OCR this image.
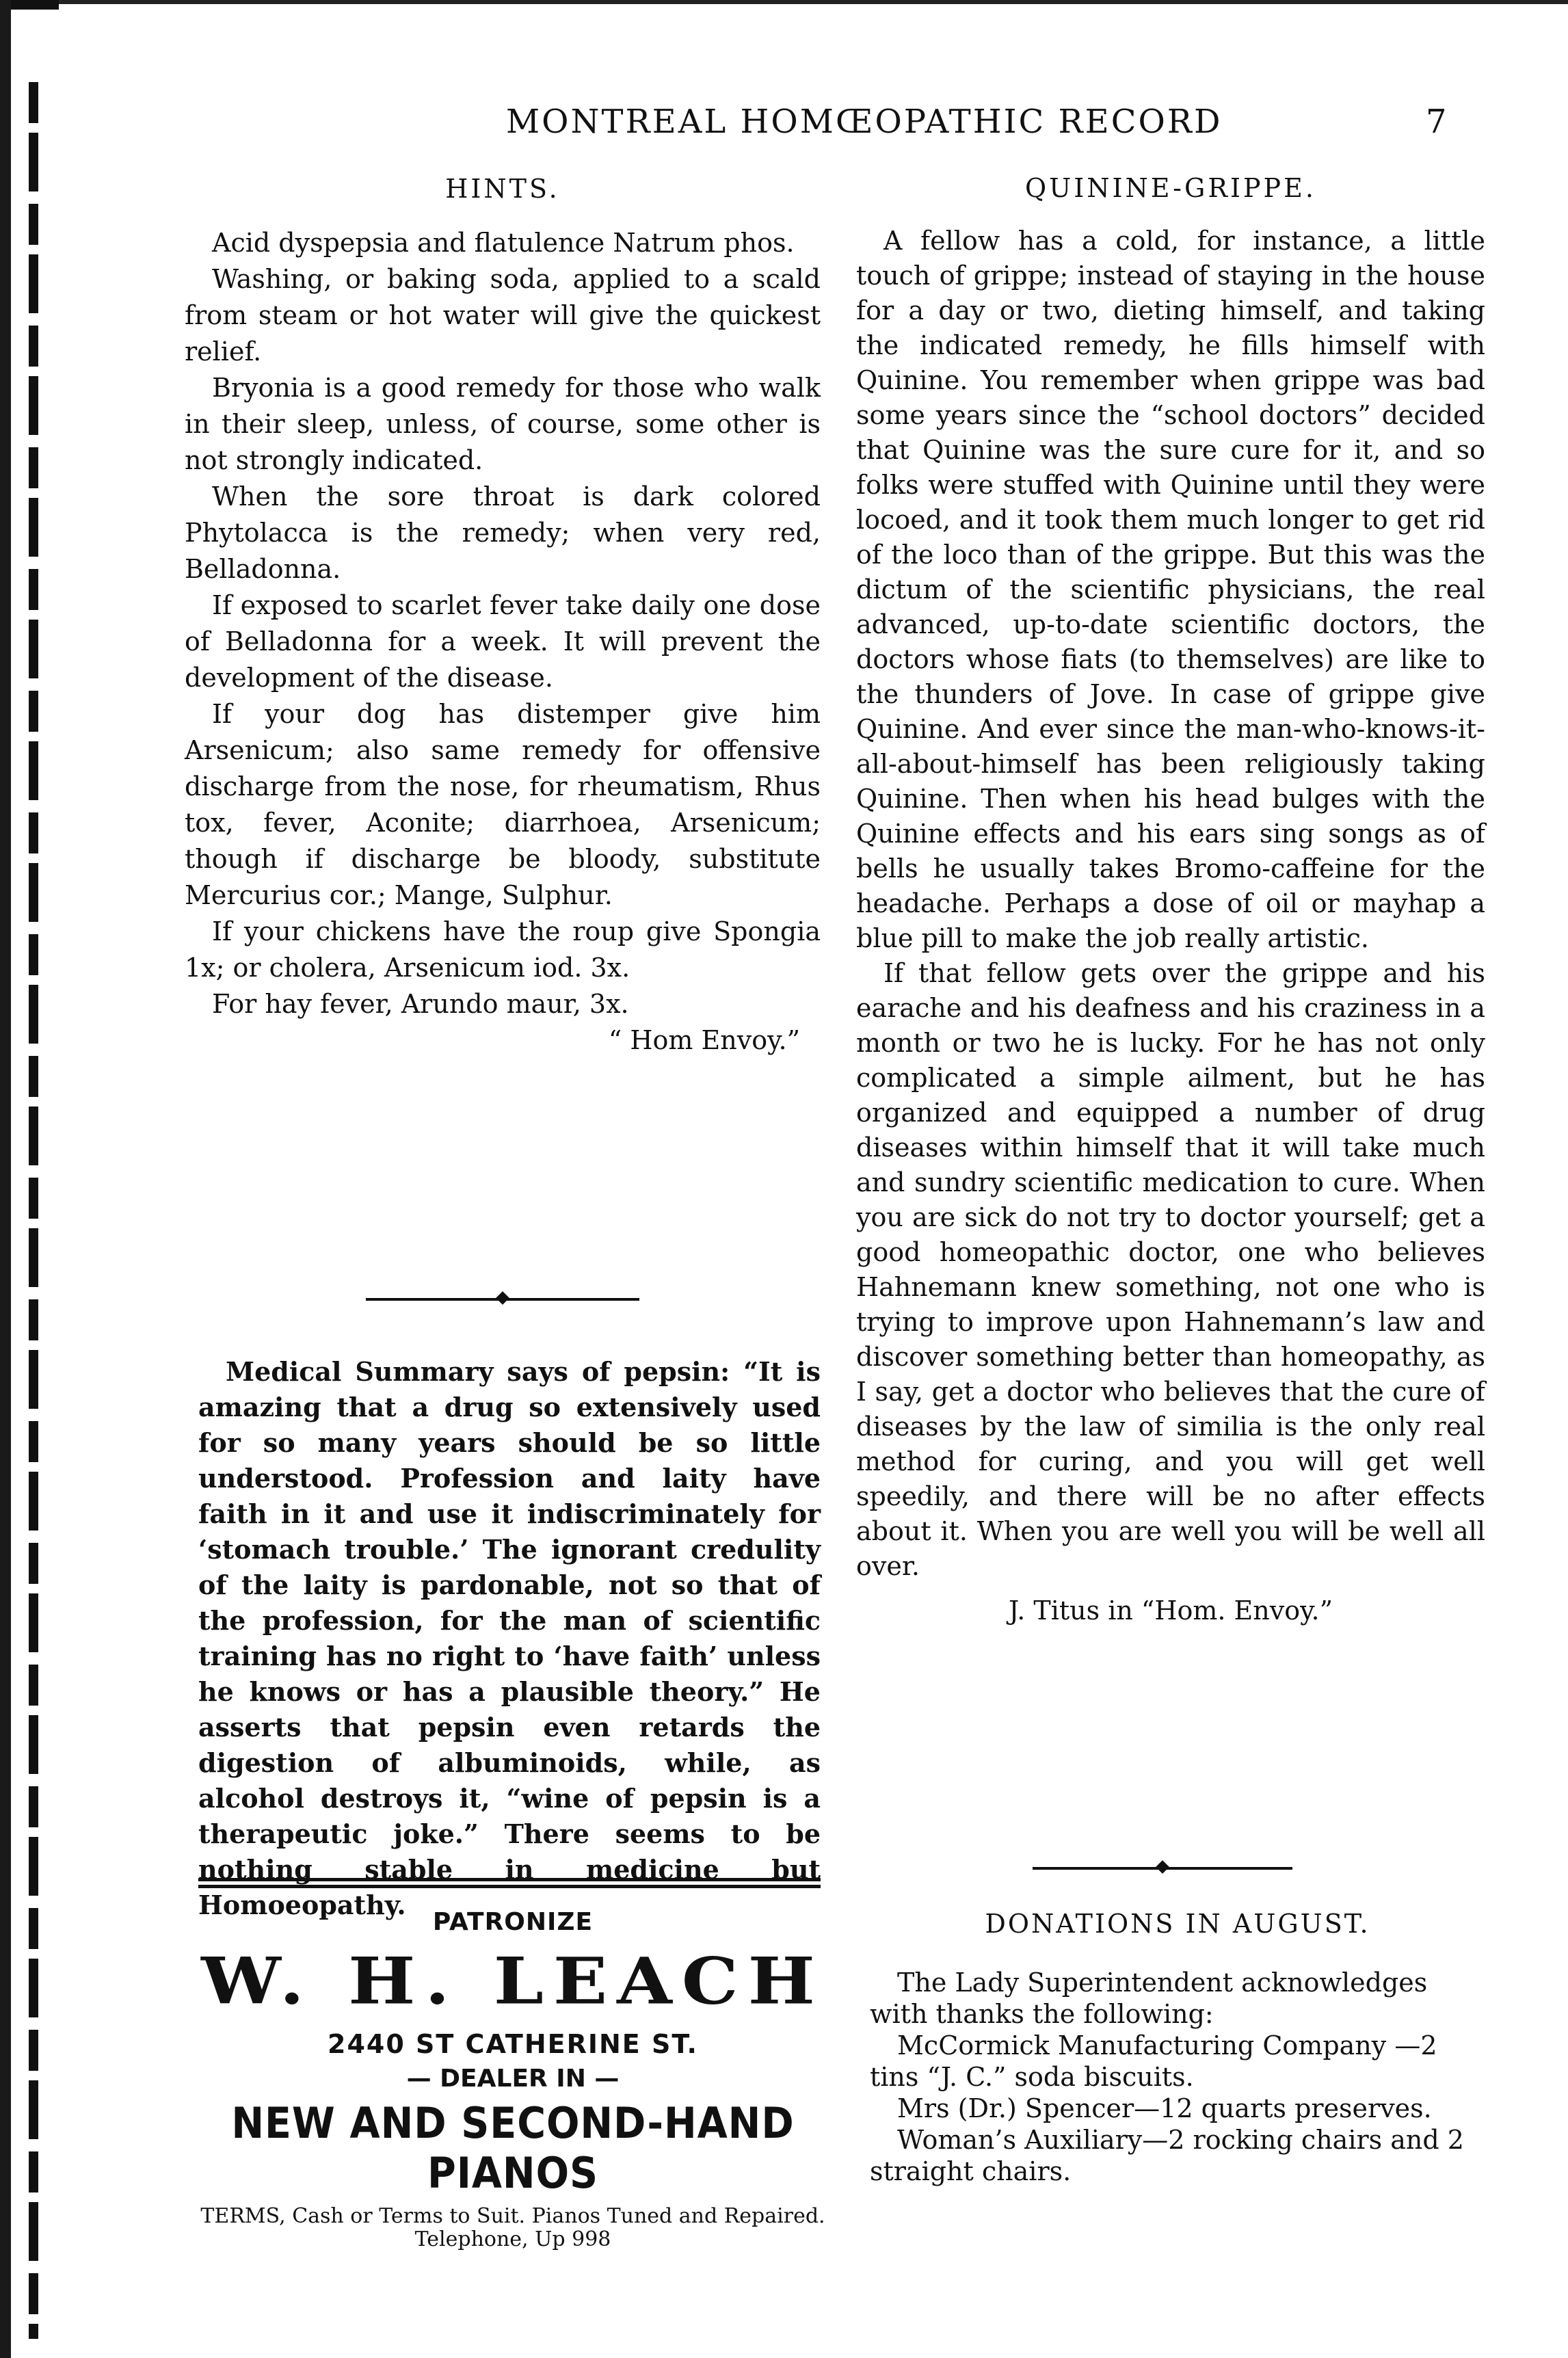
MONTREAL HOMŒOPATHIC RECORD	7

HINTS.

Acid dyspepsia and flatulence Natrum phos.

Washing, or baking soda, applied to a scald from steam or hot water will give the quickest relief.

Bryonia is a good remedy for those who walk in their sleep, unless, of course, some other is not strongly indicated.

When the sore throat is dark colored Phytolacca is the remedy; when very red, Belladonna.

If exposed to scarlet fever take daily one dose of Belladonna for a week. It will prevent the development of the disease.

If your dog has distemper give him Arsenicum; also same remedy for offensive discharge from the nose, for rheumatism, Rhus tox, fever, Aconite; diarrhoea, Arsenicum; though if discharge be bloody, substitute Mercurius cor.; Mange, Sulphur.

If your chickens have the roup give Spongia 1x; or cholera, Arsenicum iod. 3x.

For hay fever, Arundo maur, 3x.

“ Hom Envoy.”

Medical Summary says of pepsin: “It is amazing that a drug so extensively used for so many years should be so little understood. Profession and laity have faith in it and use it indiscriminately for ‘stomach trouble.’ The ignorant credulity of the laity is pardonable, not so that of the profession, for the man of scientific training has no right to ‘have faith’ unless he knows or has a plausible theory.” He asserts that pepsin even retards the digestion of albuminoids, while, as alcohol destroys it, “wine of pepsin is a therapeutic joke.” There seems to be nothing stable in medicine but Homoeopathy.

QUININE-GRIPPE.

A fellow has a cold, for instance, a little touch of grippe; instead of staying in the house for a day or two, dieting himself, and taking the indicated remedy, he fills himself with Quinine. You remember when grippe was bad some years since the “school doctors” decided that Quinine was the sure cure for it, and so folks were stuffed with Quinine until they were locoed, and it took them much longer to get rid of the loco than of the grippe. But this was the dictum of the scientific physicians, the real advanced, up-to-date scientific doctors, the doctors whose fiats (to themselves) are like to the thunders of Jove. In case of grippe give Quinine. And ever since the man-who-knows-it-all-about-himself has been religiously taking Quinine. Then when his head bulges with the Quinine effects and his ears sing songs as of bells he usually takes Bromo-caffeine for the headache. Perhaps a dose of oil or mayhap a blue pill to make the job really artistic.

If that fellow gets over the grippe and his earache and his deafness and his craziness in a month or two he is lucky. For he has not only complicated a simple ailment, but he has organized and equipped a number of drug diseases within himself that it will take much and sundry scientific medication to cure. When you are sick do not try to doctor yourself; get a good homeopathic doctor, one who believes Hahnemann knew something, not one who is trying to improve upon Hahnemann’s law and discover something better than homeopathy, as I say, get a doctor who believes that the cure of diseases by the law of similia is the only real method for curing, and you will get well speedily, and there will be no after effects about it. When you are well you will be well all over.

J. Titus in “Hom. Envoy.”

PATRONIZE
W. H. LEACH
2440 ST CATHERINE ST.
— DEALER IN —
NEW AND SECOND-HAND PIANOS
TERMS, Cash or Terms to Suit. Pianos Tuned and Repaired. Telephone, Up 998
DONATIONS IN AUGUST.

The Lady Superintendent acknowledges with thanks the following:

McCormick Manufacturing Company —2 tins “J. C.” soda biscuits.

Mrs (Dr.) Spencer—12 quarts preserves.

Woman’s Auxiliary—2 rocking chairs and 2 straight chairs.
